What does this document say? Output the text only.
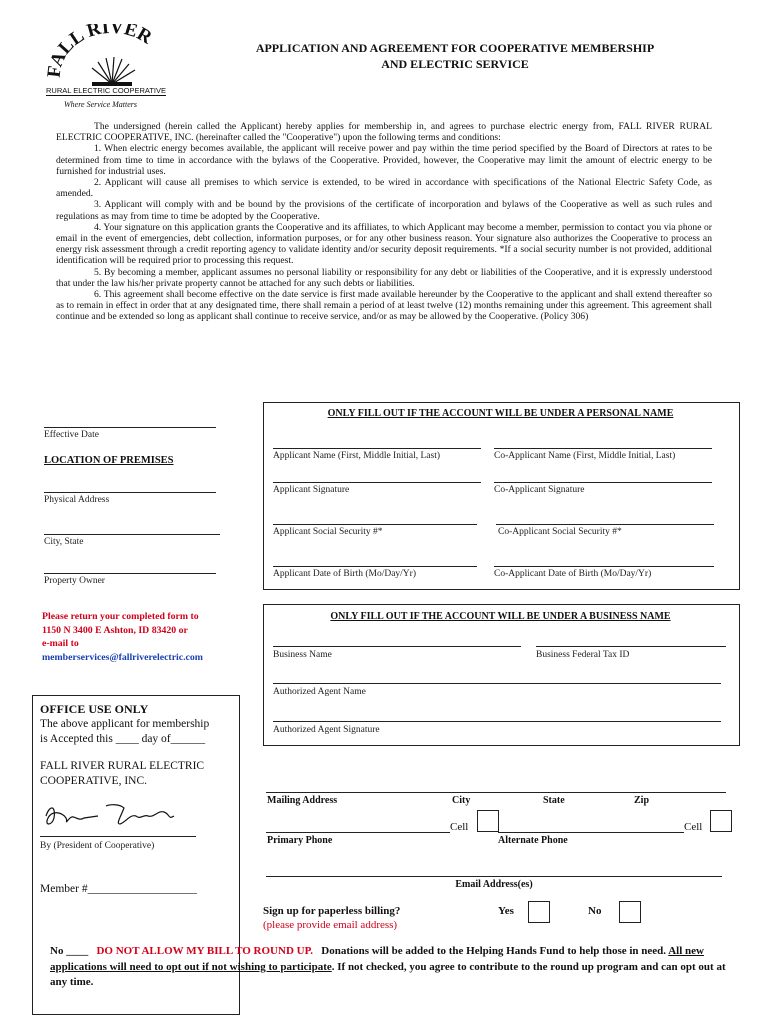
FALL RIVER
RURAL ELECTRIC COOPERATIVE
Where Service Matters
APPLICATION AND AGREEMENT FOR COOPERATIVE MEMBERSHIP
AND ELECTRIC SERVICE

The undersigned (herein called the Applicant) hereby applies for membership in, and agrees to purchase electric energy from, FALL RIVER RURAL ELECTRIC COOPERATIVE, INC. (hereinafter called the "Cooperative") upon the following terms and conditions:

1. When electric energy becomes available, the applicant will receive power and pay within the time period specified by the Board of Directors at rates to be determined from time to time in accordance with the bylaws of the Cooperative. Provided, however, the Cooperative may limit the amount of electric energy to be furnished for industrial uses.

2. Applicant will cause all premises to which service is extended, to be wired in accordance with specifications of the National Electric Safety Code, as amended.

3. Applicant will comply with and be bound by the provisions of the certificate of incorporation and bylaws of the Cooperative as well as such rules and regulations as may from time to time be adopted by the Cooperative.

4. Your signature on this application grants the Cooperative and its affiliates, to which Applicant may become a member, permission to contact you via phone or email in the event of emergencies, debt collection, information purposes, or for any other business reason. Your signature also authorizes the Cooperative to process an energy risk assessment through a credit reporting agency to validate identity and/or security deposit requirements. *If a social security number is not provided, additional identification will be required prior to processing this request.

5. By becoming a member, applicant assumes no personal liability or responsibility for any debt or liabilities of the Cooperative, and it is expressly understood that under the law his/her private property cannot be attached for any such debts or liabilities.

6. This agreement shall become effective on the date service is first made available hereunder by the Cooperative to the applicant and shall extend thereafter so as to remain in effect in order that at any designated time, there shall remain a period of at least twelve (12) months remaining under this agreement. This agreement shall continue and be extended so long as applicant shall continue to receive service, and/or as may be allowed by the Cooperative. (Policy 306)

Effective Date
LOCATION OF PREMISES
Physical Address
City, State
Property Owner
Please return your completed form to
1150 N 3400 E Ashton, ID 83420 or
e-mail to
memberservices@fallriverelectric.com
OFFICE USE ONLY
The above applicant for membership
is Accepted this ____ day of______
FALL RIVER RURAL ELECTRIC
COOPERATIVE, INC.
By (President of Cooperative)
Member #___________________
ONLY FILL OUT IF THE ACCOUNT WILL BE UNDER A PERSONAL NAME
Applicant Name (First, Middle Initial, Last)	Co-Applicant Name (First, Middle Initial, Last)
Applicant Signature	Co-Applicant Signature
Applicant Social Security #*	Co-Applicant Social Security #*
Applicant Date of Birth (Mo/Day/Yr)	Co-Applicant Date of Birth (Mo/Day/Yr)
ONLY FILL OUT IF THE ACCOUNT WILL BE UNDER A BUSINESS NAME
Business Name	Business Federal Tax ID
Authorized Agent Name
Authorized Agent Signature
Mailing Address	City	State	Zip
Cell	Cell
Primary Phone	Alternate Phone
Email Address(es)
Sign up for paperless billing?
(please provide email address)
Yes	No
No ____ DO NOT ALLOW MY BILL TO ROUND UP. Donations will be added to the Helping Hands Fund to help those in need. All new applications will need to opt out if not wishing to participate. If not checked, you agree to contribute to the round up program and can opt out at any time.
